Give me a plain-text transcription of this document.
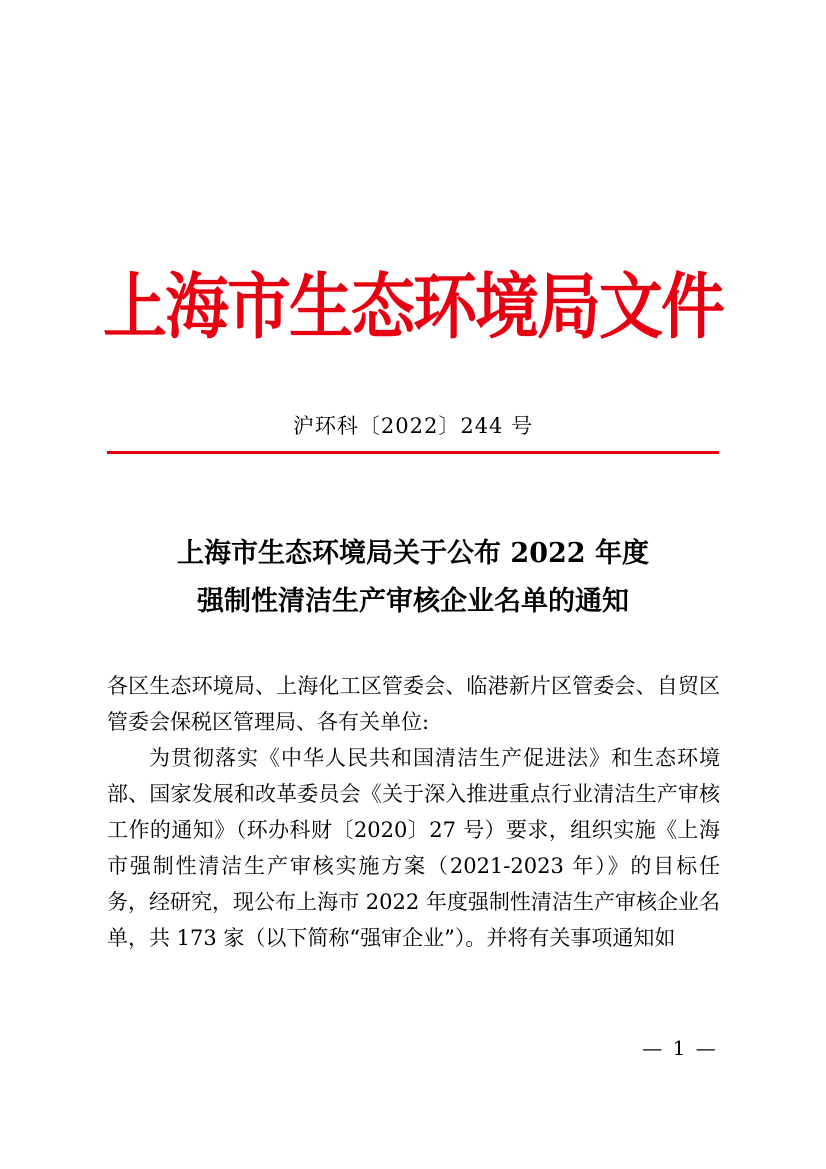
上海市生态环境局文件
沪环科〔2022〕244 号
上海市生态环境局关于公布 2022 年度
强制性清洁生产审核企业名单的通知

各区生态环境局、上海化工区管委会、临港新片区管委会、自贸区管委会保税区管理局、各有关单位:

为贯彻落实《中华人民共和国清洁生产促进法》和生态环境部、国家发展和改革委员会《关于深入推进重点行业清洁生产审核工作的通知》（环办科财〔2020〕27 号）要求，组织实施《上海市强制性清洁生产审核实施方案（2021-2023 年）》的目标任务，经研究，现公布上海市 2022 年度强制性清洁生产审核企业名单，共 173 家（以下简称“强审企业”）。并将有关事项通知如

— 1 —
